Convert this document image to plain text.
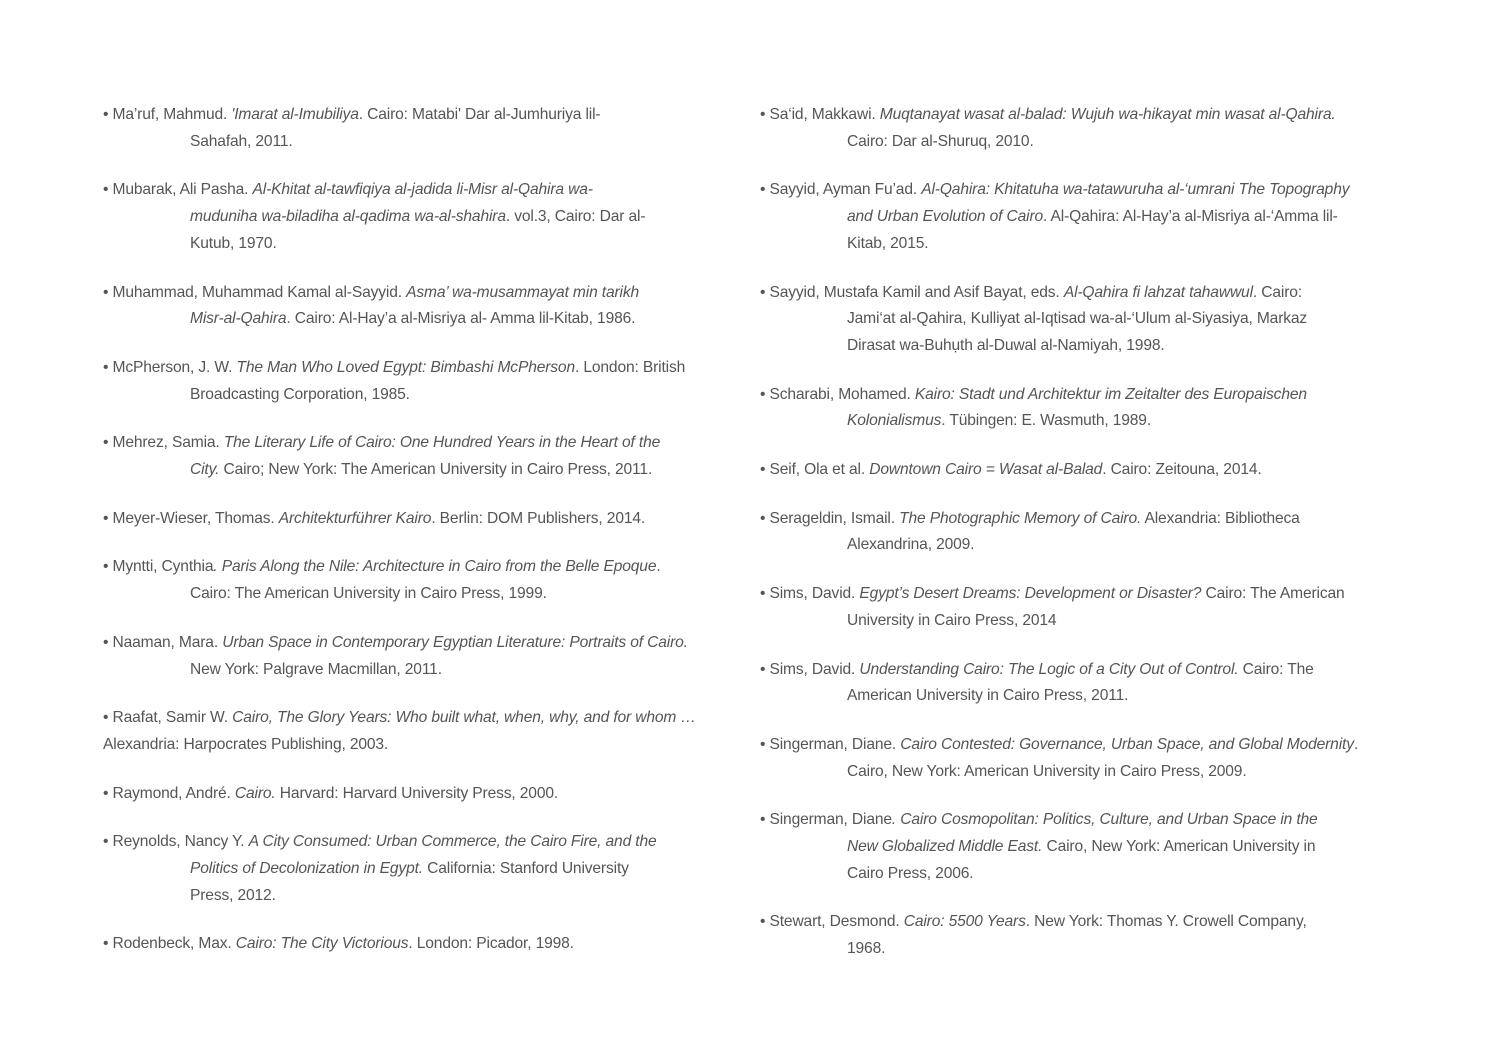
• Ma’ruf, Mahmud. 'Imarat al-Imubiliya. Cairo: Matabi' Dar al-Jumhuriya lil-
Sahafah, 2011.
• Mubarak, Ali Pasha. Al-Khitat al-tawfiqiya al-jadida li-Misr al-Qahira wa-
muduniha wa-biladiha al-qadima wa-al-shahira. vol.3, Cairo: Dar al-
Kutub, 1970.
• Muhammad, Muhammad Kamal al-Sayyid. Asma’ wa-musammayat min tarikh
Misr-al-Qahira. Cairo: Al-Hay’a al-Misriya al- Amma lil-Kitab, 1986.
• McPherson, J. W. The Man Who Loved Egypt: Bimbashi McPherson. London: British
Broadcasting Corporation, 1985.
• Mehrez, Samia. The Literary Life of Cairo: One Hundred Years in the Heart of the
City. Cairo; New York: The American University in Cairo Press, 2011.
• Meyer-Wieser, Thomas. Architekturführer Kairo. Berlin: DOM Publishers, 2014.
• Myntti, Cynthia. Paris Along the Nile: Architecture in Cairo from the Belle Epoque.
Cairo: The American University in Cairo Press, 1999.
• Naaman, Mara. Urban Space in Contemporary Egyptian Literature: Portraits of Cairo.
New York: Palgrave Macmillan, 2011.
• Raafat, Samir W. Cairo, The Glory Years: Who built what, when, why, and for whom …
Alexandria: Harpocrates Publishing, 2003.
• Raymond, André. Cairo. Harvard: Harvard University Press, 2000.
• Reynolds, Nancy Y. A City Consumed: Urban Commerce, the Cairo Fire, and the
Politics of Decolonization in Egypt. California: Stanford University
Press, 2012.
• Rodenbeck, Max. Cairo: The City Victorious. London: Picador, 1998.
• Sa‘id, Makkawi. Muqtanayat wasat al-balad: Wujuh wa-hikayat min wasat al-Qahira.
Cairo: Dar al-Shuruq, 2010.
• Sayyid, Ayman Fu’ad. Al-Qahira: Khitatuha wa-tatawuruha al-‘umrani The Topography
and Urban Evolution of Cairo. Al-Qahira: Al-Hay’a al-Misriya al-‘Amma lil-
Kitab, 2015.
• Sayyid, Mustafa Kamil and Asif Bayat, eds. Al-Qahira fi lahzat tahawwul. Cairo:
Jami‘at al-Qahira, Kulliyat al-Iqtisad wa-al-‘Ulum al-Siyasiya, Markaz
Dirasat wa-Buhụth al-Duwal al-Namiyah, 1998.
• Scharabi, Mohamed. Kairo: Stadt und Architektur im Zeitalter des Europaischen
Kolonialismus. Tübingen: E. Wasmuth, 1989.
• Seif, Ola et al. Downtown Cairo = Wasat al-Balad. Cairo: Zeitouna, 2014.
• Serageldin, Ismail. The Photographic Memory of Cairo. Alexandria: Bibliotheca
Alexandrina, 2009.
• Sims, David. Egypt’s Desert Dreams: Development or Disaster? Cairo: The American
University in Cairo Press, 2014
• Sims, David. Understanding Cairo: The Logic of a City Out of Control. Cairo: The
American University in Cairo Press, 2011.
• Singerman, Diane. Cairo Contested: Governance, Urban Space, and Global Modernity.
Cairo, New York: American University in Cairo Press, 2009.
• Singerman, Diane. Cairo Cosmopolitan: Politics, Culture, and Urban Space in the
New Globalized Middle East. Cairo, New York: American University in
Cairo Press, 2006.
• Stewart, Desmond. Cairo: 5500 Years. New York: Thomas Y. Crowell Company,
1968.
